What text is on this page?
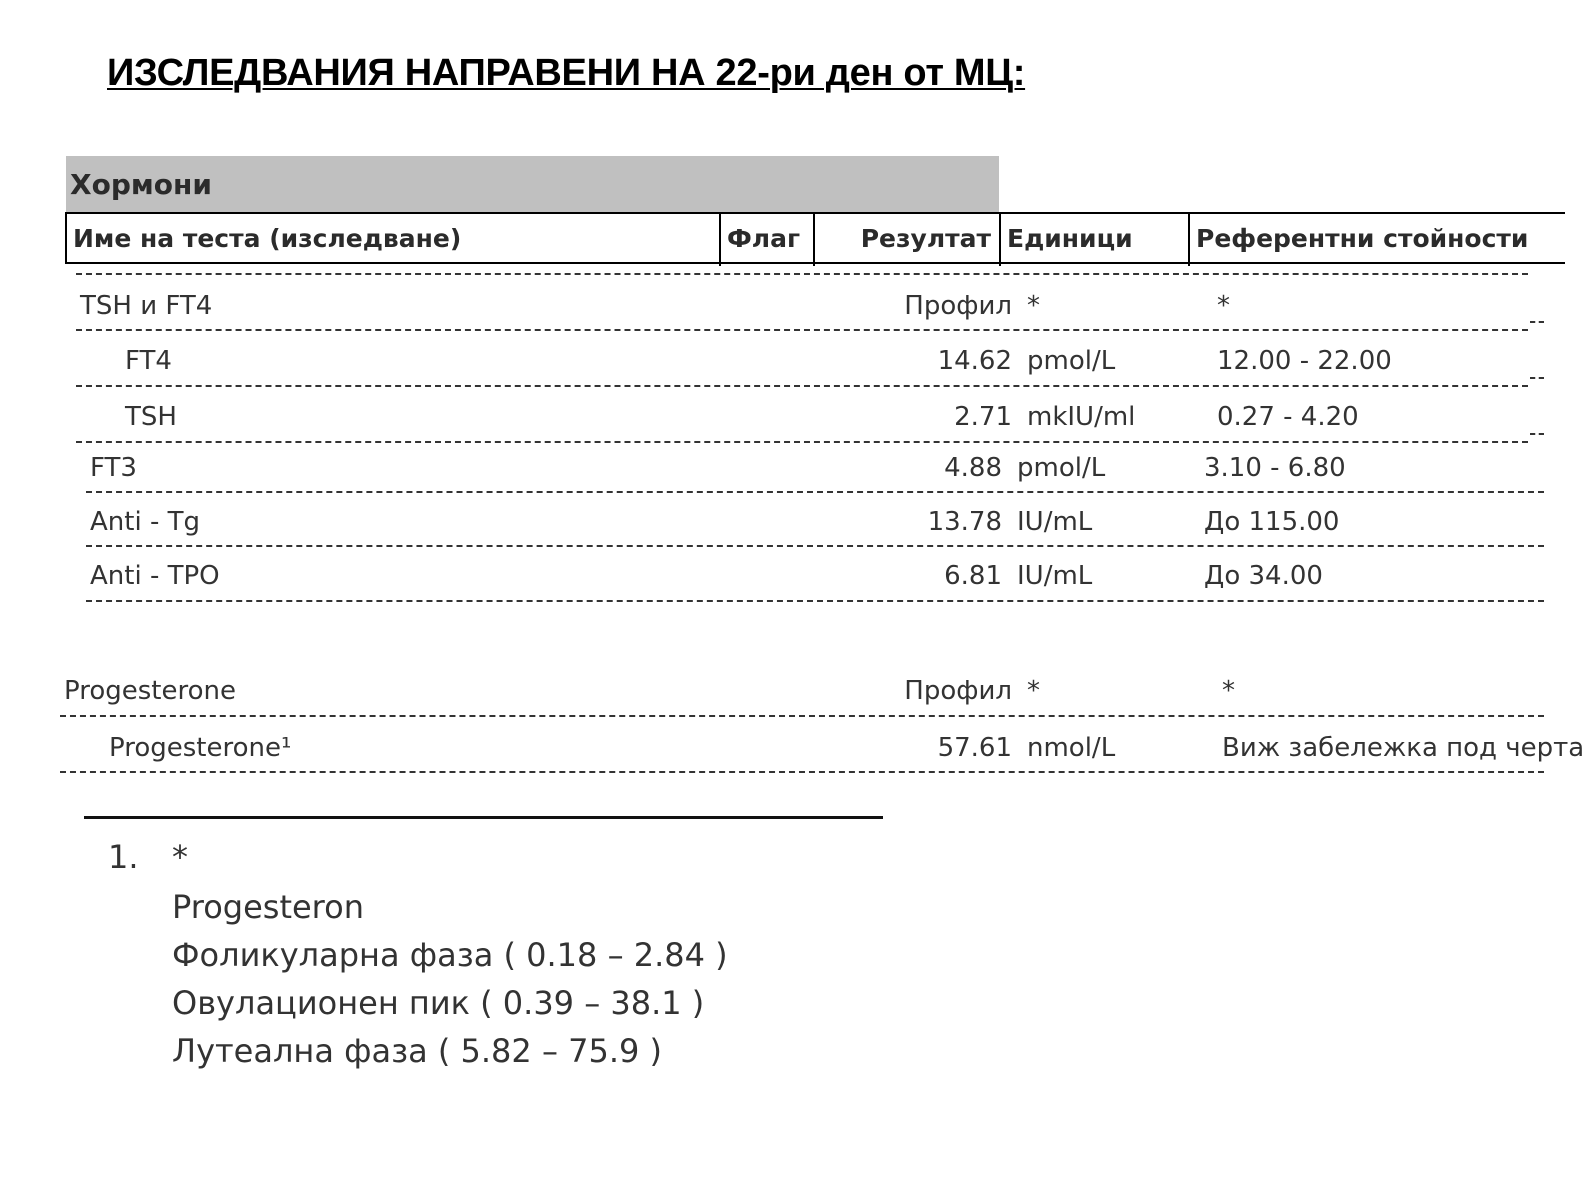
ИЗСЛЕДВАНИЯ НАПРАВЕНИ НА 22-ри ден от МЦ:
Хормони
Име на теста (изследване)	Флаг	Резултат Единици	Референтни стойности
TSH и FT4	Профил *	*
FT4	14.62 pmol/L	12.00 - 22.00
TSH	2.71 mkIU/ml	0.27 - 4.20
FT3	4.88 pmol/L	3.10 - 6.80
Anti - Tg	13.78 IU/mL	До 115.00
Anti - TPO	6.81 IU/mL	До 34.00
Progesterone	Профил *	*
Progesterone¹	57.61 nmol/L	Виж забележка под черта
1. *
Progesteron
Фоликуларна фаза ( 0.18 – 2.84 )
Овулационен пик ( 0.39 – 38.1 )
Лутеална фаза ( 5.82 – 75.9 )
